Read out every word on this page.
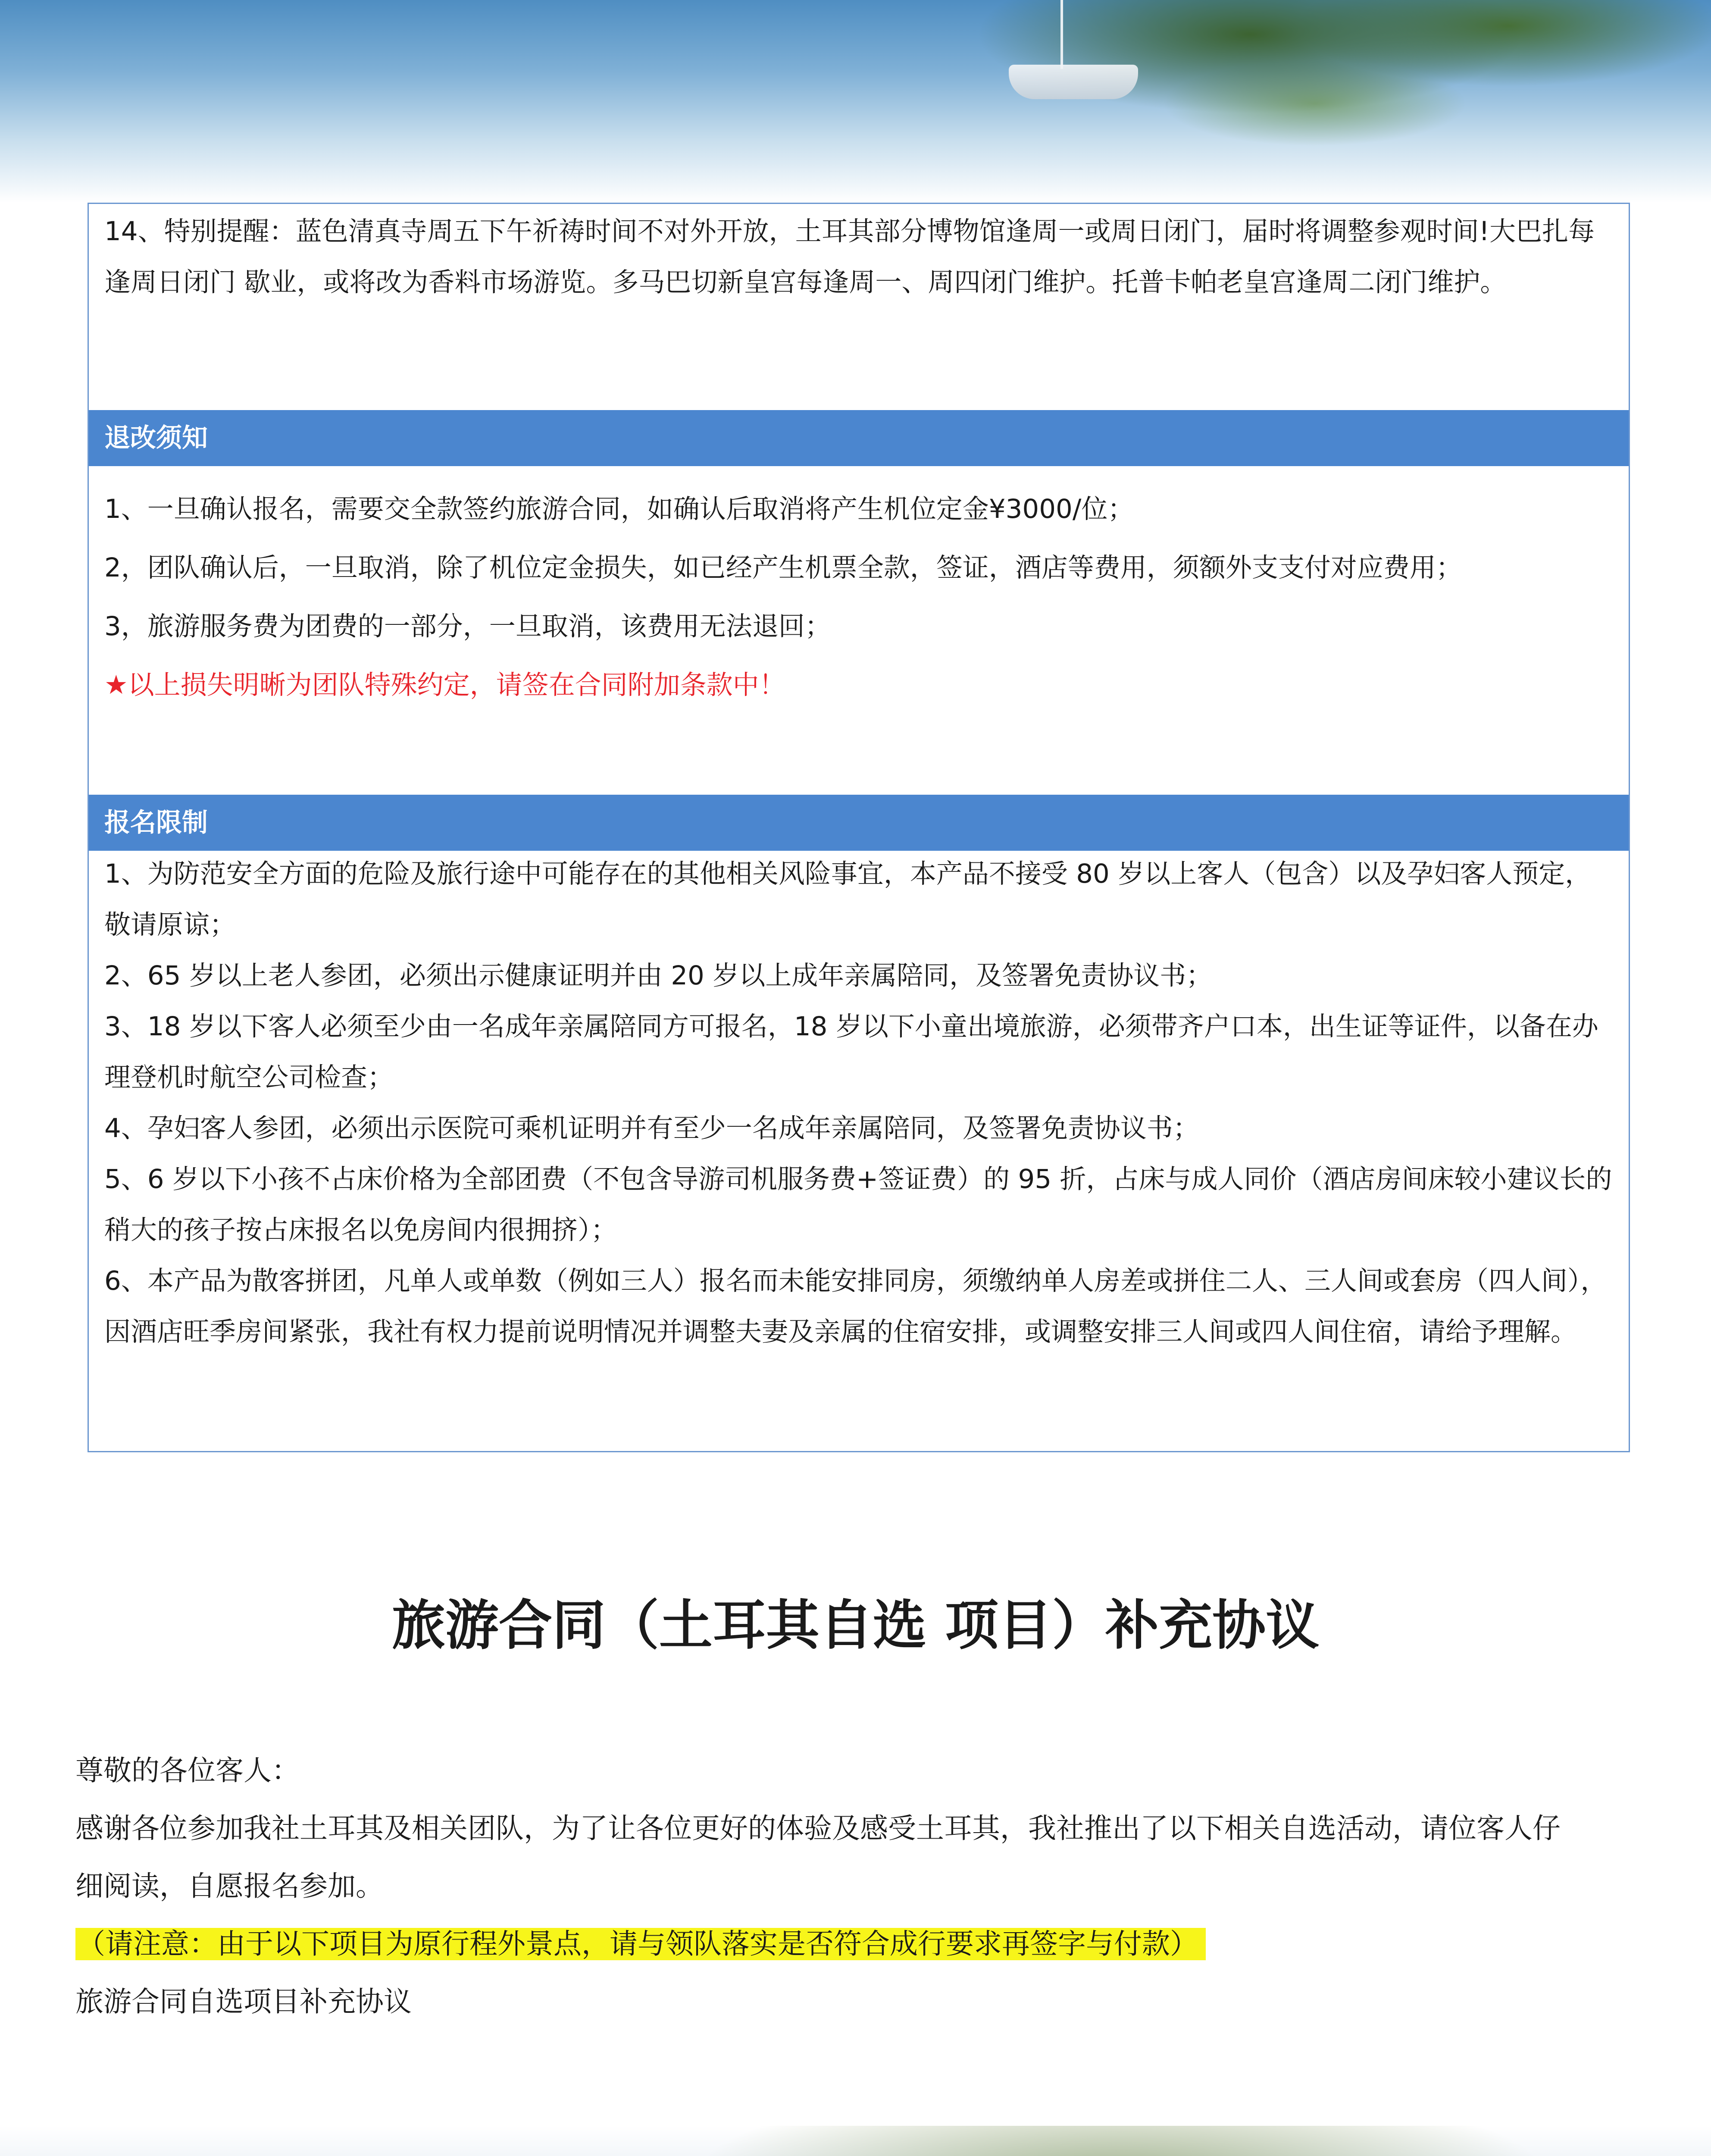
14、特别提醒：蓝色清真寺周五下午祈祷时间不对外开放，土耳其部分博物馆逢周一或周日闭门，届时将调整参观时间!大巴扎每逢周日闭门 歇业，或将改为香料市场游览。多马巴切新皇宫每逢周一、周四闭门维护。托普卡帕老皇宫逢周二闭门维护。

退改须知
1、一旦确认报名，需要交全款签约旅游合同，如确认后取消将产生机位定金¥3000/位；
2，团队确认后，一旦取消，除了机位定金损失，如已经产生机票全款，签证，酒店等费用，须额外支支付对应费用；
3，旅游服务费为团费的一部分，一旦取消，该费用无法退回；
★以上损失明晰为团队特殊约定，请签在合同附加条款中！
报名限制
1、为防范安全方面的危险及旅行途中可能存在的其他相关风险事宜，本产品不接受 80 岁以上客人（包含）以及孕妇客人预定，敬请原谅；
2、65 岁以上老人参团，必须出示健康证明并由 20 岁以上成年亲属陪同，及签署免责协议书；
3、18 岁以下客人必须至少由一名成年亲属陪同方可报名，18 岁以下小童出境旅游，必须带齐户口本，出生证等证件，以备在办理登机时航空公司检查；
4、孕妇客人参团，必须出示医院可乘机证明并有至少一名成年亲属陪同，及签署免责协议书；
5、6 岁以下小孩不占床价格为全部团费（不包含导游司机服务费+签证费）的 95 折，占床与成人同价（酒店房间床较小建议长的稍大的孩子按占床报名以免房间内很拥挤）；
6、本产品为散客拼团，凡单人或单数（例如三人）报名而未能安排同房，须缴纳单人房差或拼住二人、三人间或套房（四人间），因酒店旺季房间紧张，我社有权力提前说明情况并调整夫妻及亲属的住宿安排，或调整安排三人间或四人间住宿，请给予理解。
旅游合同（土耳其自选 项目）补充协议

尊敬的各位客人：

感谢各位参加我社土耳其及相关团队，为了让各位更好的体验及感受土耳其，我社推出了以下相关自选活动，请位客人仔细阅读，自愿报名参加。

（请注意：由于以下项目为原行程外景点，请与领队落实是否符合成行要求再签字与付款）

旅游合同自选项目补充协议
